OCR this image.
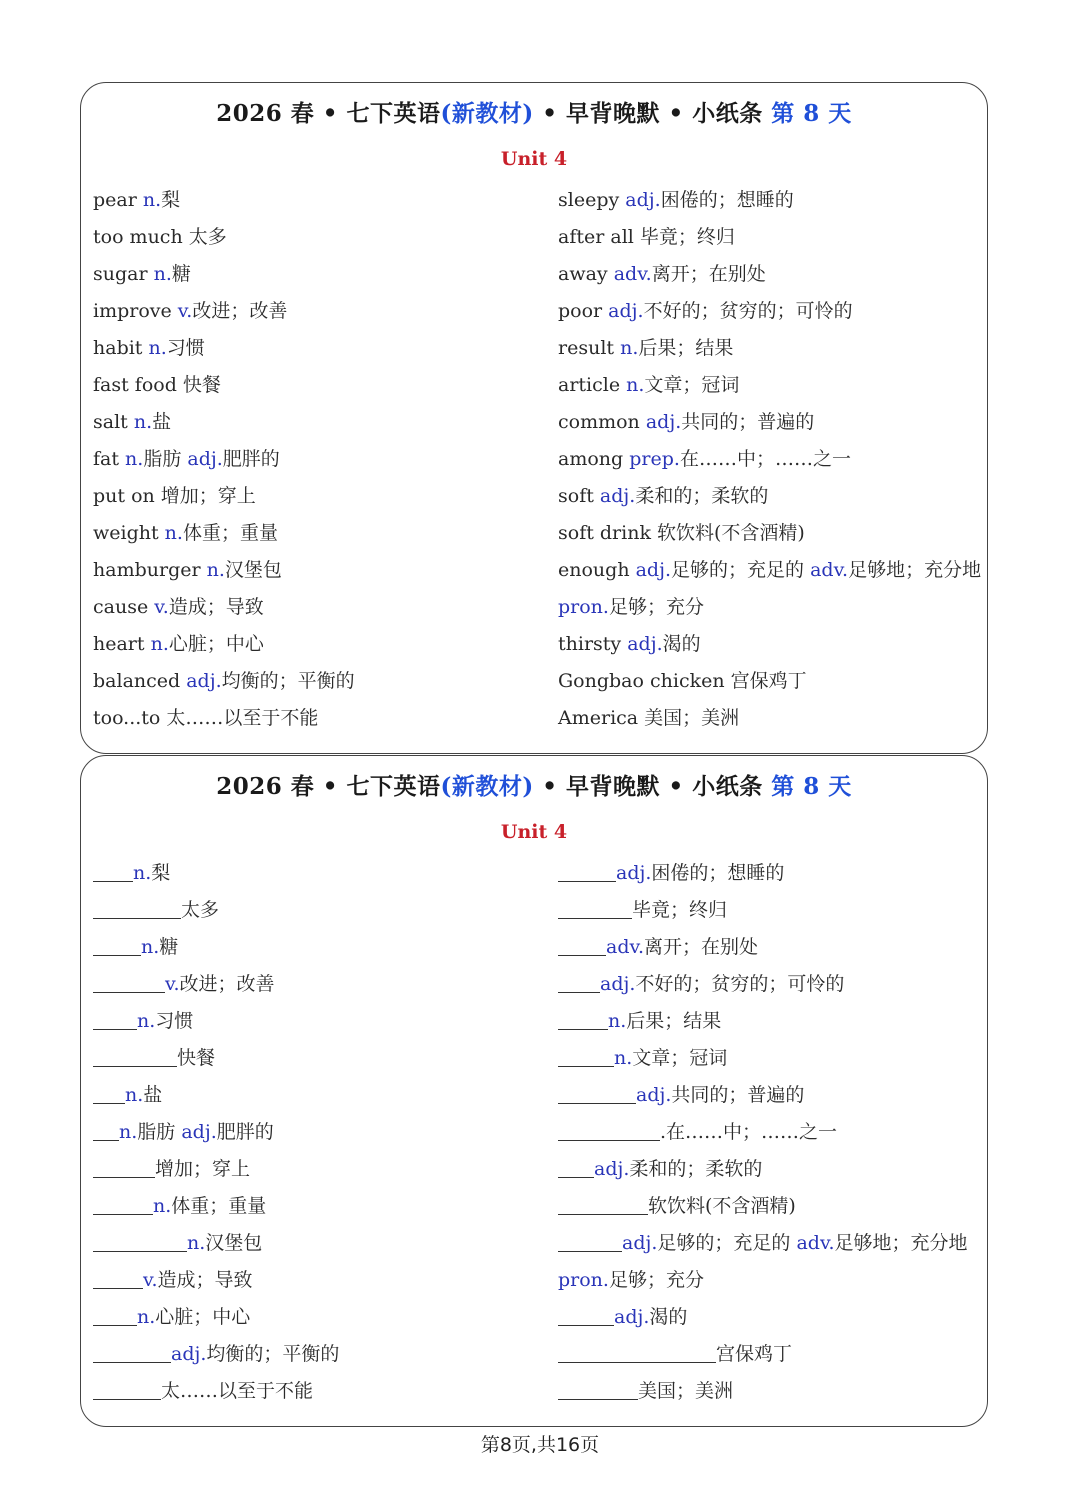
2026 春 • 七下英语(新教材) • 早背晚默 • 小纸条 第 8 天
Unit 4
pear n.梨
too much 太多
sugar n.糖
improve v.改进；改善
habit n.习惯
fast food 快餐
salt n.盐
fat n.脂肪 adj.肥胖的
put on 增加；穿上
weight n.体重；重量
hamburger n.汉堡包
cause v.造成；导致
heart n.心脏；中心
balanced adj.均衡的；平衡的
too...to 太……以至于不能
sleepy adj.困倦的；想睡的
after all 毕竟；终归
away adv.离开；在别处
poor adj.不好的；贫穷的；可怜的
result n.后果；结果
article n.文章；冠词
common adj.共同的；普遍的
among prep.在……中；……之一
soft adj.柔和的；柔软的
soft drink 软饮料(不含酒精)
enough adj.足够的；充足的 adv.足够地；充分地
pron.足够；充分
thirsty adj.渴的
Gongbao chicken 宫保鸡丁
America 美国；美洲
2026 春 • 七下英语(新教材) • 早背晚默 • 小纸条 第 8 天
Unit 4
n.梨
太多
n.糖
v.改进；改善
n.习惯
快餐
n.盐
n.脂肪 adj.肥胖的
增加；穿上
n.体重；重量
n.汉堡包
v.造成；导致
n.心脏；中心
adj.均衡的；平衡的
太……以至于不能
adj.困倦的；想睡的
毕竟；终归
adv.离开；在别处
adj.不好的；贫穷的；可怜的
n.后果；结果
n.文章；冠词
adj.共同的；普遍的
.在……中；……之一
adj.柔和的；柔软的
软饮料(不含酒精)
adj.足够的；充足的 adv.足够地；充分地
pron.足够；充分
adj.渴的
宫保鸡丁
美国；美洲
第8页,共16页
